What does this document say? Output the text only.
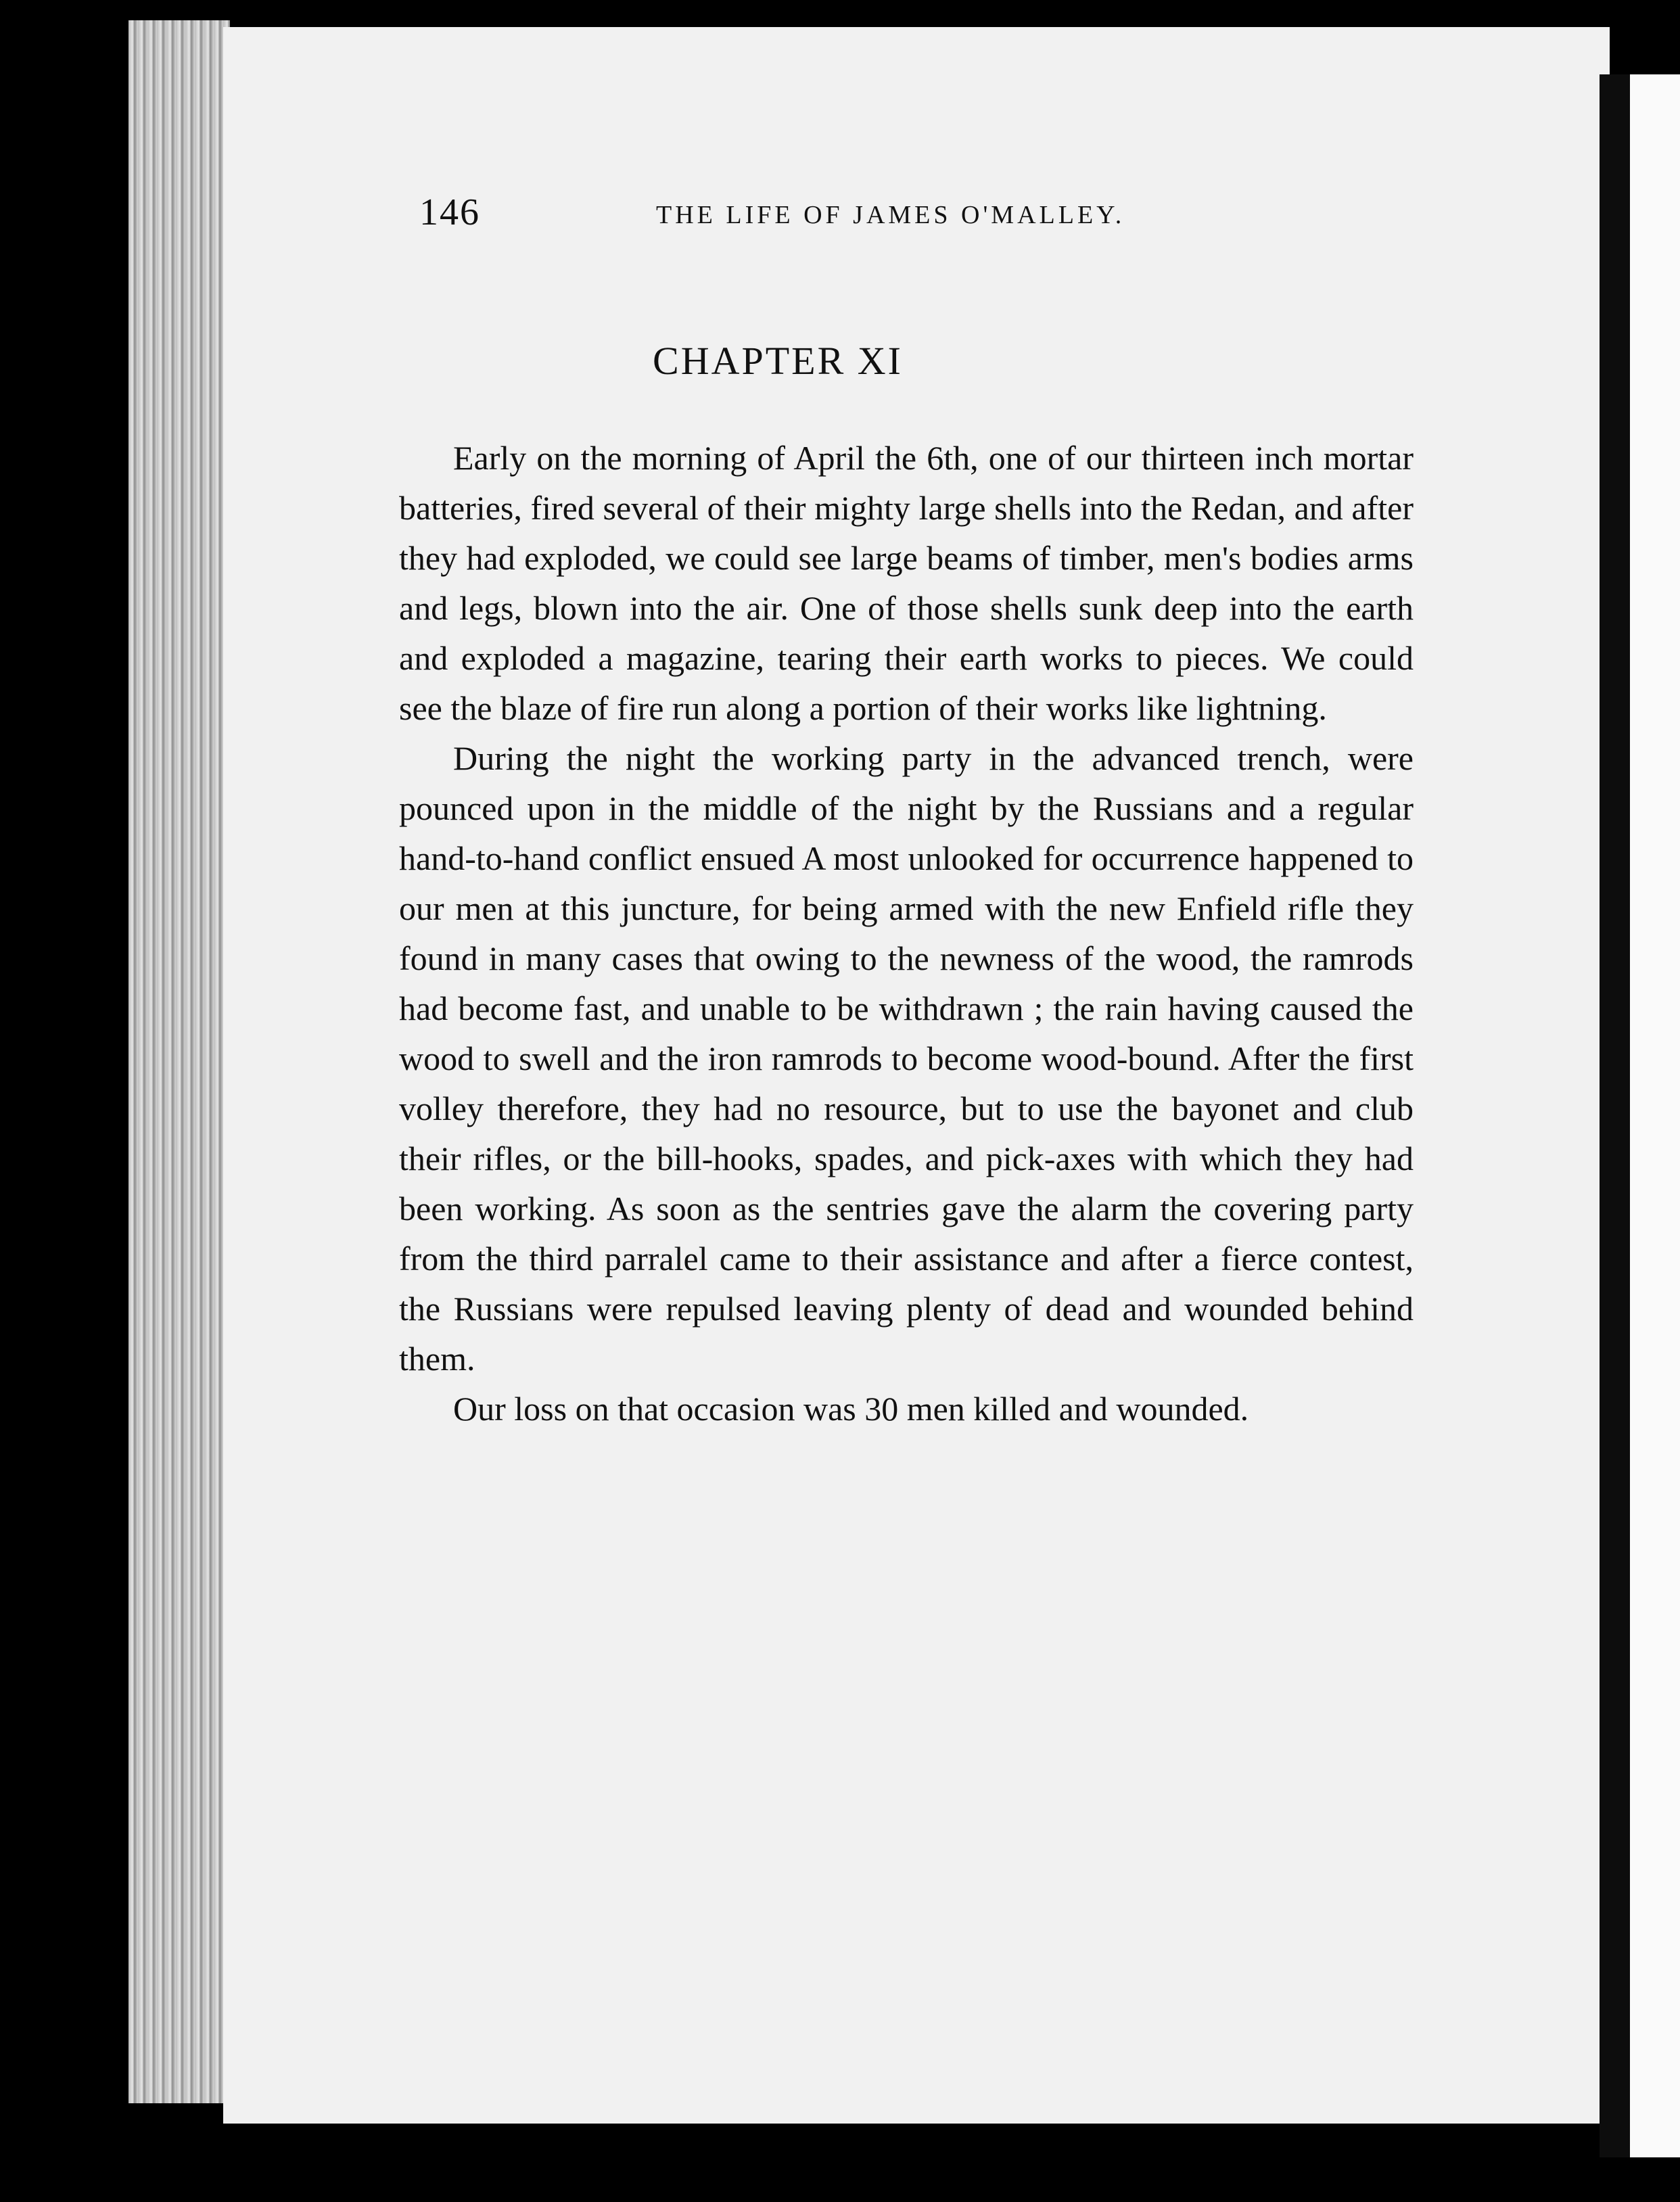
146	THE LIFE OF JAMES O'MALLEY.
CHAPTER XI

Early on the morning of April the 6th, one of our thirteen inch mortar batteries, fired several of their mighty large shells into the Redan, and after they had exploded, we could see large beams of timber, men's bodies arms and legs, blown into the air. One of those shells sunk deep into the earth and exploded a magazine, tearing their earth works to pieces. We could see the blaze of fire run along a portion of their works like lightning.

During the night the working party in the advanced trench, were pounced upon in the middle of the night by the Russians and a regular hand-to-hand conflict ensued A most unlooked for occurrence happened to our men at this juncture, for being armed with the new Enfield rifle they found in many cases that owing to the newness of the wood, the ramrods had become fast, and unable to be withdrawn ; the rain having caused the wood to swell and the iron ramrods to become wood-bound. After the first volley therefore, they had no resource, but to use the bayonet and club their rifles, or the bill-hooks, spades, and pick-axes with which they had been working. As soon as the sentries gave the alarm the covering party from the third parralel came to their assistance and after a fierce contest, the Russians were repulsed leaving plenty of dead and wounded behind them.

Our loss on that occasion was 30 men killed and wounded.
